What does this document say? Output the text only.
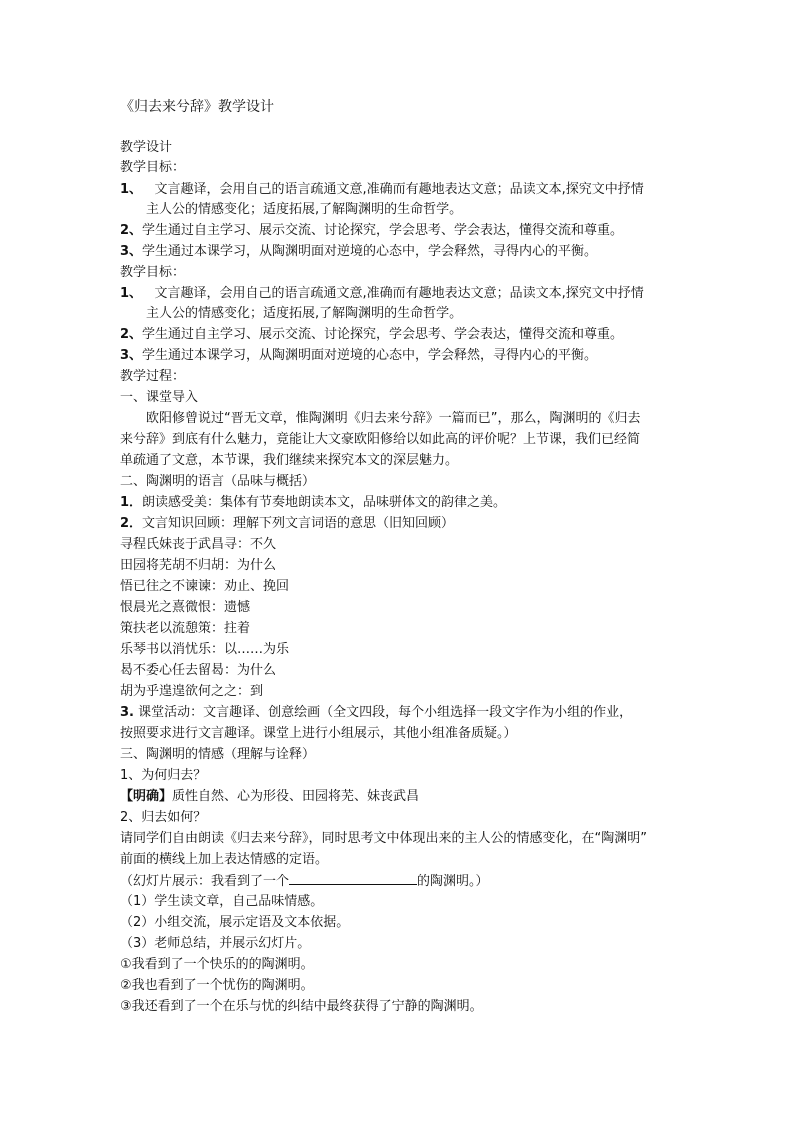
《归去来兮辞》教学设计
教学设计
教学目标：
1、 文言趣译，会用自己的语言疏通文意,准确而有趣地表达文意；品读文本,探究文中抒情
主人公的情感变化；适度拓展,了解陶渊明的生命哲学。
2、学生通过自主学习、展示交流、讨论探究，学会思考、学会表达，懂得交流和尊重。
3、学生通过本课学习，从陶渊明面对逆境的心态中，学会释然，寻得内心的平衡。
教学目标：
1、 文言趣译，会用自己的语言疏通文意,准确而有趣地表达文意；品读文本,探究文中抒情
主人公的情感变化；适度拓展,了解陶渊明的生命哲学。
2、学生通过自主学习、展示交流、讨论探究，学会思考、学会表达，懂得交流和尊重。
3、学生通过本课学习，从陶渊明面对逆境的心态中，学会释然，寻得内心的平衡。
教学过程：
一、课堂导入
欧阳修曾说过“晋无文章，惟陶渊明《归去来兮辞》一篇而已”，那么，陶渊明的《归去
来兮辞》到底有什么魅力，竟能让大文豪欧阳修给以如此高的评价呢？上节课，我们已经简
单疏通了文意，本节课，我们继续来探究本文的深层魅力。
二、陶渊明的语言（品味与概括）
1．朗读感受美：集体有节奏地朗读本文，品味骈体文的韵律之美。
2．文言知识回顾：理解下列文言词语的意思（旧知回顾）
寻程氏妹丧于武昌寻：不久
田园将芜胡不归胡：为什么
悟已往之不谏谏：劝止、挽回
恨晨光之熹微恨：遗憾
策扶老以流憩策：拄着
乐琴书以消忧乐：以……为乐
曷不委心任去留曷：为什么
胡为乎遑遑欲何之之：到
3. 课堂活动：文言趣译、创意绘画（全文四段，每个小组选择一段文字作为小组的作业，
按照要求进行文言趣译。课堂上进行小组展示，其他小组准备质疑。）
三、陶渊明的情感（理解与诠释）
1、为何归去？
【明确】质性自然、心为形役、田园将芜、妹丧武昌
2、归去如何？
请同学们自由朗读《归去来兮辞》，同时思考文中体现出来的主人公的情感变化，在“陶渊明”
前面的横线上加上表达情感的定语。
（幻灯片展示：我看到了一个	的陶渊明。）
（1）学生读文章，自己品味情感。
（2）小组交流，展示定语及文本依据。
（3）老师总结，并展示幻灯片。
①我看到了一个快乐的的陶渊明。
②我也看到了一个忧伤的陶渊明。
③我还看到了一个在乐与忧的纠结中最终获得了宁静的陶渊明。
